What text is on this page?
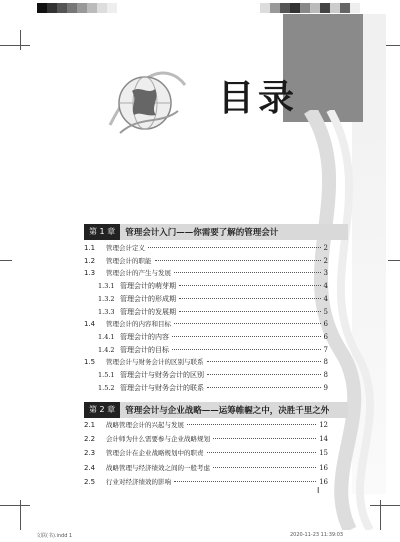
目录
第 1 章	管理会计入门——你需要了解的管理会计
1.1	管理会计定义	2
1.2	管理会计的职能	2
1.3	管理会计的产生与发展	3
1.3.1 管理会计的萌芽期	4
1.3.2 管理会计的形成期	4
1.3.3 管理会计的发展期	5
1.4	管理会计的内容和目标	6
1.4.1 管理会计的内容	6
1.4.2 管理会计的目标	7
1.5	管理会计与财务会计的区别与联系	8
1.5.1 管理会计与财务会计的区别	8
1.5.2 管理会计与财务会计的联系	9
第 2 章	管理会计与企业战略——运筹帷幄之中，决胜千里之外
2.1	战略管理会计的兴起与发展	12
2.2	会计师为什么需要参与企业战略规划	14
2.3	管理会计在企业战略规划中的职责	15
2.4	战略管理与经济绩效之间的一般考虑	16
2.5	行业对经济绩效的影响	16
I
文联(书).indd 1	2020-11-23 11:39:03
